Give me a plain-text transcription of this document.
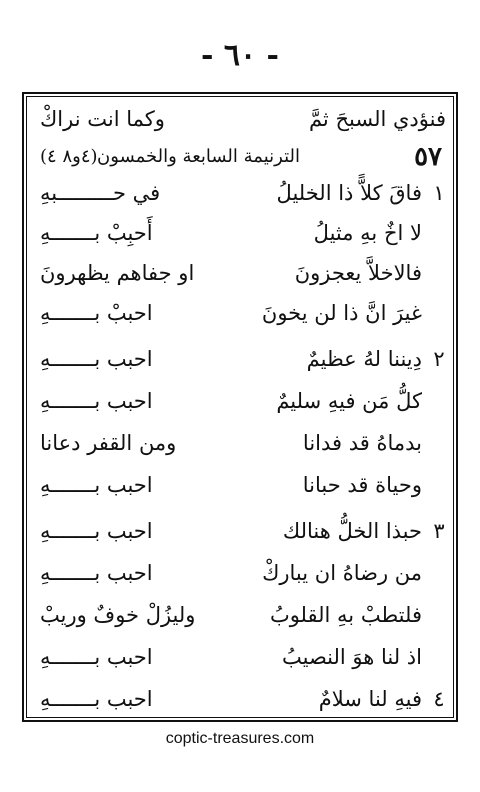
- ٦٠ -
فنؤدي السبحَ ثمَّ
وكما انت نراكْ
٥٧
الترنيمة السابعة والخمسون
(٤و٨ ٤)
١
فاقَ كلاًّ ذا الخليلُ
في حـــــــــبهِ
لا اخٌ بهِ مثيلُ
أَحبِبْ بـــــــهِ
فالاخلاَّ يعجزونَ
او جفاهم يظهرونَ
غيرَ انَّ ذا لن يخونَ
احببْ بـــــــهِ
٢
دِيننا لهُ عظيمٌ
احبب بـــــــهِ
كلُّ مَن فيهِ سليمٌ
احبب بـــــــهِ
بدماهُ قد فدانا
ومن القفر دعانا
وحياة قد حبانا
احبب بـــــــهِ
٣
حبذا الخلُّ هنالك
احبب بـــــــهِ
من رضاهُ ان يباركْ
احبب بـــــــهِ
فلتطبْ بهِ القلوبُ
وليزُلْ خوفٌ وريبْ
اذ لنا هوَ النصيبُ
احبب بـــــــهِ
٤
فيهِ لنا سلامٌ
احبب بـــــــهِ
coptic-treasures.com
